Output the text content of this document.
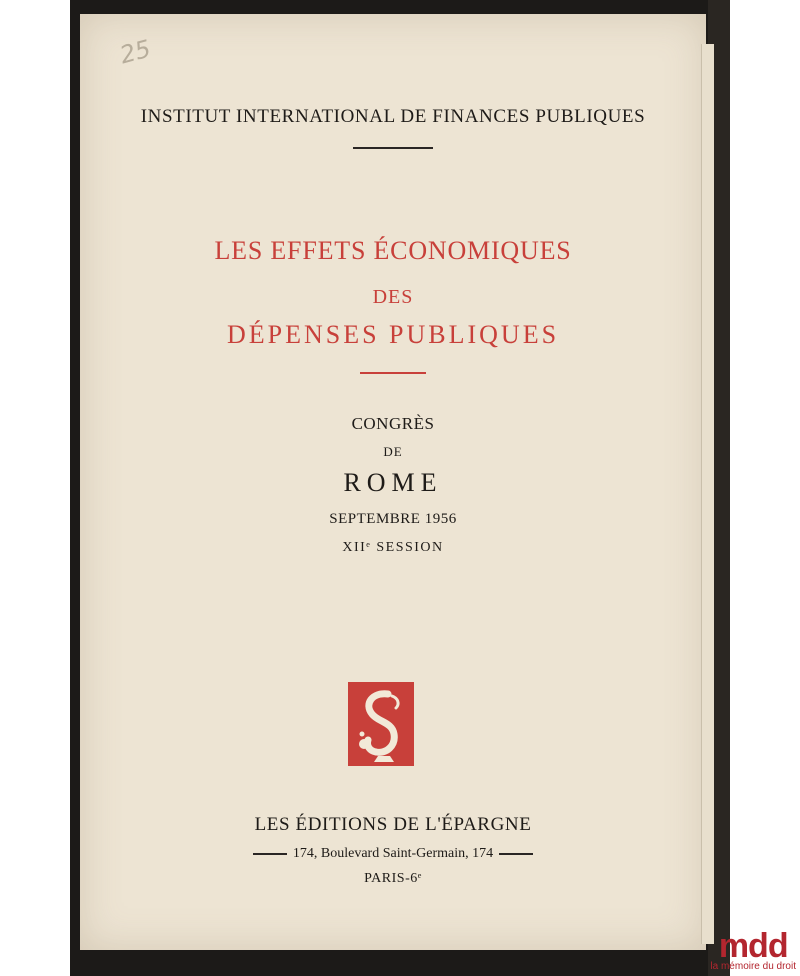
25
INSTITUT INTERNATIONAL DE FINANCES PUBLIQUES
LES EFFETS ÉCONOMIQUES
DES
DÉPENSES PUBLIQUES
CONGRÈS
DE
ROME
SEPTEMBRE 1956
XIIᵉ SESSION
LES ÉDITIONS DE L'ÉPARGNE
174, Boulevard Saint-Germain, 174
PARIS-6ᵉ
mdd
la mémoire du droit
